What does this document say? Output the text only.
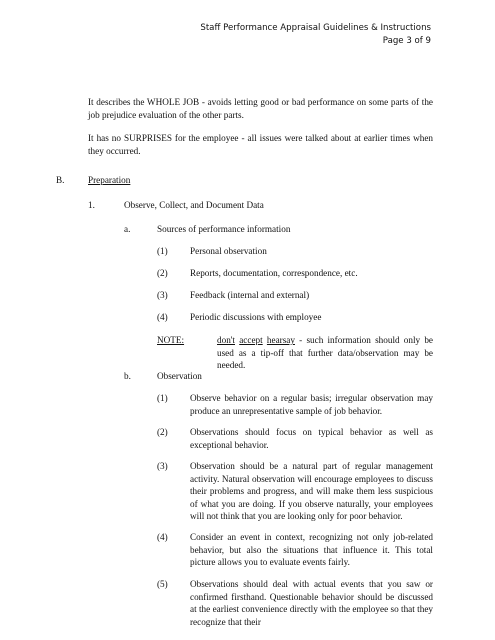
Staff Performance Appraisal Guidelines & Instructions
Page 3 of 9
It describes the WHOLE JOB - avoids letting good or bad performance on some parts of the job prejudice evaluation of the other parts.
It has no SURPRISES for the employee - all issues were talked about at earlier times when they occurred.
B.	Preparation
1.	Observe, Collect, and Document Data
a.	Sources of performance information
(1) Personal observation
(2) Reports, documentation, correspondence, etc.
(3) Feedback (internal and external)
(4) Periodic discussions with employee
NOTE:	don't accept hearsay - such information should only be used as a tip-off that further data/observation may be needed.
b.	Observation
(1) Observe behavior on a regular basis; irregular observation may produce an unrepresentative sample of job behavior.
(2) Observations should focus on typical behavior as well as exceptional behavior.
(3) Observation should be a natural part of regular management activity. Natural observation will encourage employees to discuss their problems and progress, and will make them less suspicious of what you are doing. If you observe naturally, your employees will not think that you are looking only for poor behavior.
(4) Consider an event in context, recognizing not only job-related behavior, but also the situations that influence it. This total picture allows you to evaluate events fairly.
(5) Observations should deal with actual events that you saw or confirmed firsthand. Questionable behavior should be discussed at the earliest convenience directly with the employee so that they recognize that their
